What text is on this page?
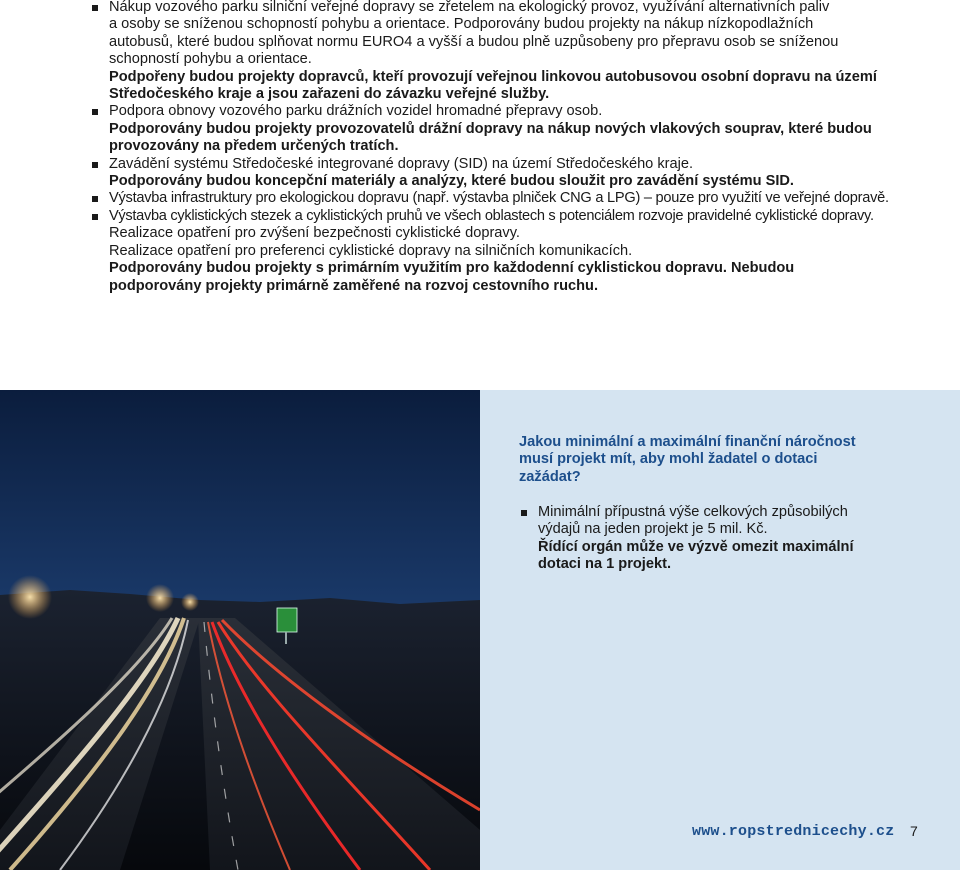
Nákup vozového parku silniční veřejné dopravy se zřetelem na ekologický provoz, využívání alternativních paliv
a osoby se sníženou schopností pohybu a orientace. Podporovány budou projekty na nákup nízkopodlažních
autobusů, které budou splňovat normu EURO4 a vyšší a budou plně uzpůsobeny pro přepravu osob se sníženou
schopností pohybu a orientace.
Podpořeny budou projekty dopravců, kteří provozují veřejnou linkovou autobusovou osobní dopravu na území
Středočeského kraje a jsou zařazeni do závazku veřejné služby.
Podpora obnovy vozového parku drážních vozidel hromadné přepravy osob.
Podporovány budou projekty provozovatelů drážní dopravy na nákup nových vlakových souprav, které budou
provozovány na předem určených tratích.
Zavádění systému Středočeské integrované dopravy (SID) na území Středočeského kraje.
Podporovány budou koncepční materiály a analýzy, které budou sloužit pro zavádění systému SID.
Výstavba infrastruktury pro ekologickou dopravu (např. výstavba plniček CNG a LPG) – pouze pro využití ve veřejné dopravě.
Výstavba cyklistických stezek a cyklistických pruhů ve všech oblastech s potenciálem rozvoje pravidelné cyklistické dopravy.
Realizace opatření pro zvýšení bezpečnosti cyklistické dopravy.
Realizace opatření pro preferenci cyklistické dopravy na silničních komunikacích.
Podporovány budou projekty s primárním využitím pro každodenní cyklistickou dopravu. Nebudou
podporovány projekty primárně zaměřené na rozvoj cestovního ruchu.
Jakou minimální a maximální finanční náročnost musí projekt mít, aby mohl žadatel o dotaci zažádat?
Minimální přípustná výše celkových způsobilých
výdajů na jeden projekt je 5 mil. Kč.
Řídící orgán může ve výzvě omezit maximální dotaci na 1 projekt.
www.ropstrednicechy.cz 7
